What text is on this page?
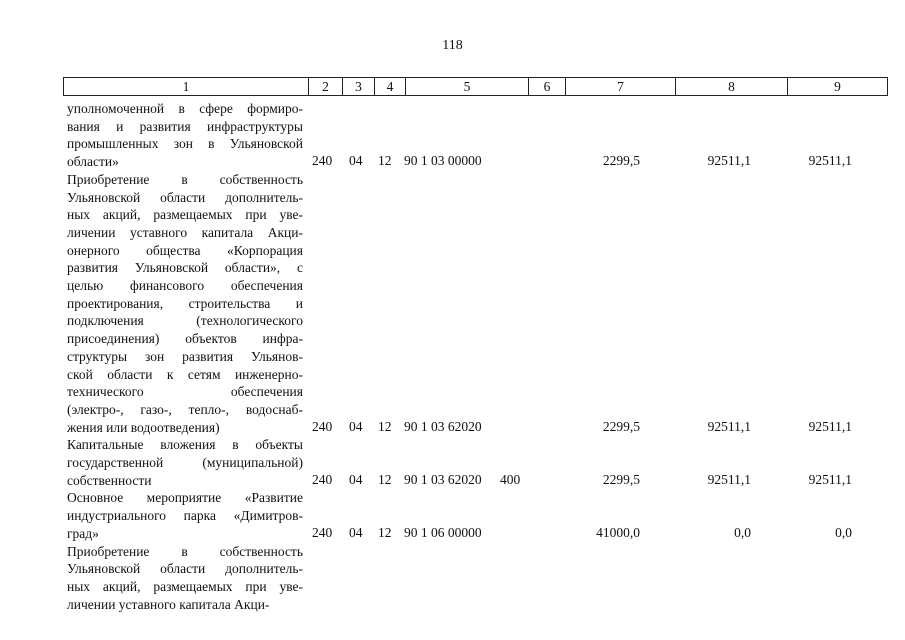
118
1	2	3	4	5	6	7	8	9
уполномоченной в сфере формиро-
вания и развития инфраструктуры
промышленных зон в Ульяновской
области»	240 04 12 90 1 03 00000	2299,5	92511,1	92511,1
Приобретение в собственность
Ульяновской области дополнитель-
ных акций, размещаемых при уве-
личении уставного капитала Акци-
онерного общества «Корпорация
развития Ульяновской области», с
целью финансового обеспечения
проектирования, строительства и
подключения (технологического
присоединения) объектов инфра-
структуры зон развития Ульянов-
ской области к сетям инженерно-
технического обеспечения
(электро-, газо-, тепло-, водоснаб-
жения или водоотведения)	240 04 12 90 1 03 62020	2299,5	92511,1	92511,1
Капитальные вложения в объекты
государственной (муниципальной)
собственности	240 04 12 90 1 03 62020 400	2299,5	92511,1	92511,1
Основное мероприятие «Развитие
индустриального парка «Димитров-
град»	240 04 12 90 1 06 00000	41000,0	0,0	0,0
Приобретение в собственность
Ульяновской области дополнитель-
ных акций, размещаемых при уве-
личении уставного капитала Акци-
